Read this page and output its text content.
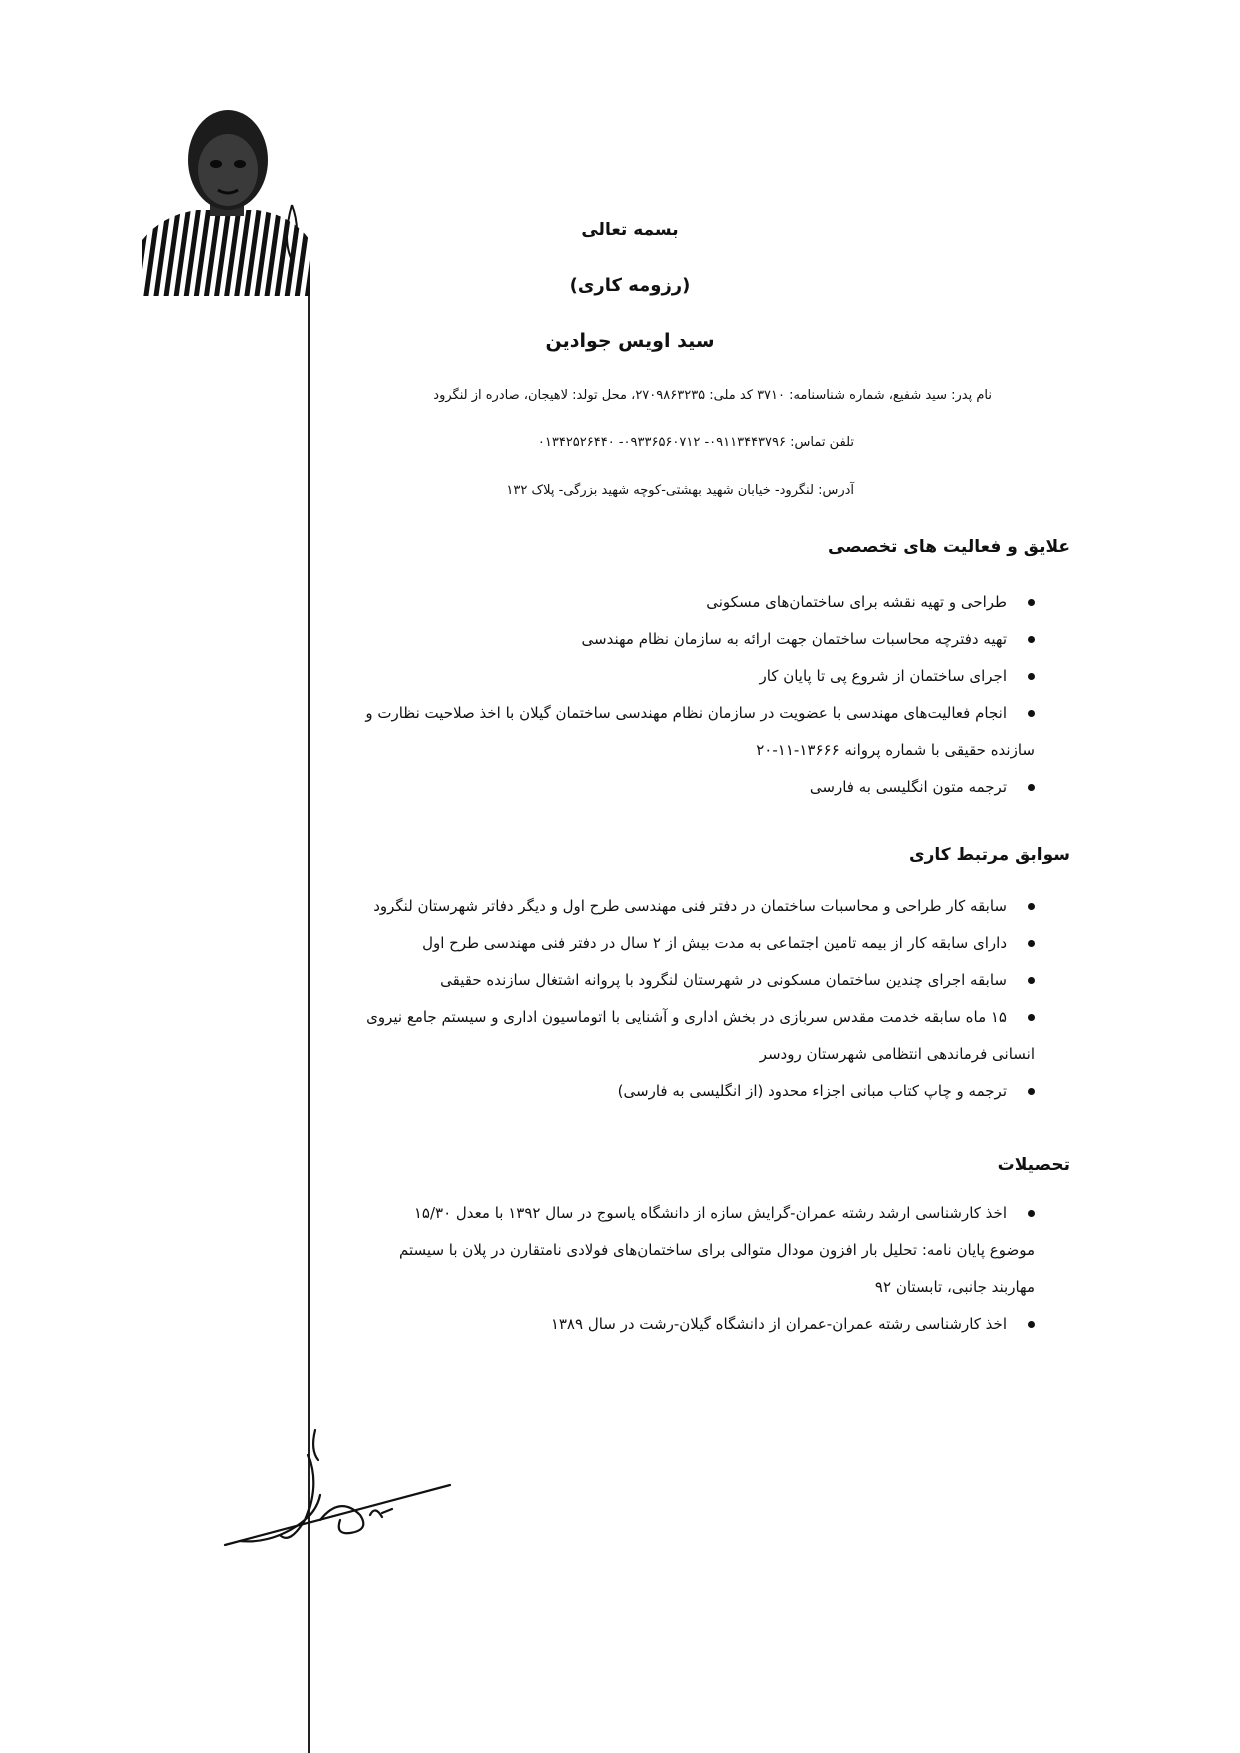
بسمه تعالی
(رزومه کاری)
سید اویس جوادین
نام پدر: سید شفیع، شماره شناسنامه: ۳۷۱۰ کد ملی: ۲۷۰۹۸۶۳۲۳۵، محل تولد: لاهیجان، صادره از لنگرود
تلفن تماس: ۰۹۱۱۳۴۴۳۷۹۶- ۰۹۳۳۶۵۶۰۷۱۲- ۰۱۳۴۲۵۲۶۴۴۰
آدرس: لنگرود- خیابان شهید بهشتی-کوچه شهید بزرگی- پلاک ۱۳۲
علایق و فعالیت های تخصصی
طراحی و تهیه نقشه برای ساختمان‌های مسکونی
تهیه دفترچه محاسبات ساختمان جهت ارائه به سازمان نظام مهندسی
اجرای ساختمان از شروع پی تا پایان کار
انجام فعالیت‌های مهندسی با عضویت در سازمان نظام مهندسی ساختمان گیلان با اخذ صلاحیت نظارت و
سازنده حقیقی با شماره پروانه ۱۳۶۶۶-۱۱-۲۰
ترجمه متون انگلیسی به فارسی
سوابق مرتبط کاری
سابقه کار طراحی و محاسبات ساختمان در دفتر فنی مهندسی طرح اول و دیگر دفاتر شهرستان لنگرود
دارای سابقه کار از بیمه تامین اجتماعی به مدت بیش از ۲ سال در دفتر فنی مهندسی طرح اول
سابقه اجرای چندین ساختمان مسکونی در شهرستان لنگرود با پروانه اشتغال سازنده حقیقی
۱۵ ماه سابقه خدمت مقدس سربازی در بخش اداری و آشنایی با اتوماسیون اداری و سیستم جامع نیروی
انسانی فرماندهی انتظامی شهرستان رودسر
ترجمه و چاپ کتاب مبانی اجزاء محدود (از انگلیسی به فارسی)
تحصیلات
اخذ کارشناسی ارشد رشته عمران-گرایش سازه از دانشگاه یاسوج در سال ۱۳۹۲ با معدل ۱۵/۳۰
موضوع پایان نامه: تحلیل بار افزون مودال متوالی برای ساختمان‌های فولادی نامتقارن در پلان با سیستم
مهاربند جانبی، تابستان ۹۲
اخذ کارشناسی رشته عمران-عمران از دانشگاه گیلان-رشت در سال ۱۳۸۹
